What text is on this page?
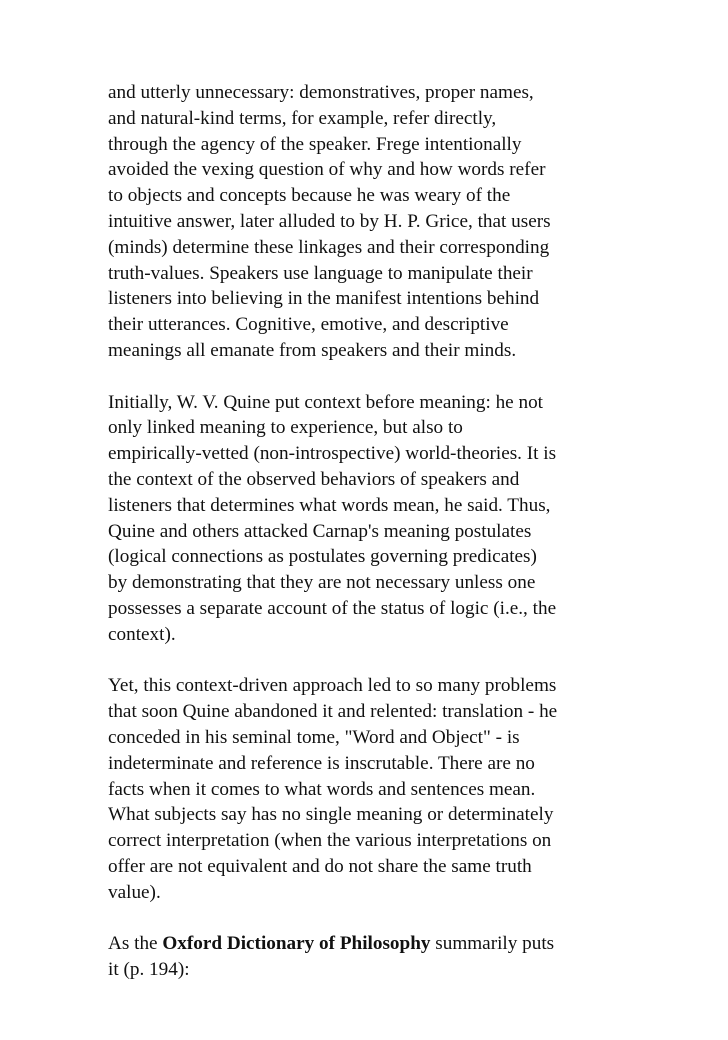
and utterly unnecessary: demonstratives, proper names,
and natural-kind terms, for example, refer directly,
through the agency of the speaker. Frege intentionally
avoided the vexing question of why and how words refer
to objects and concepts because he was weary of the
intuitive answer, later alluded to by H. P. Grice, that users
(minds) determine these linkages and their corresponding
truth-values. Speakers use language to manipulate their
listeners into believing in the manifest intentions behind
their utterances. Cognitive, emotive, and descriptive
meanings all emanate from speakers and their minds.

Initially, W. V. Quine put context before meaning: he not
only linked meaning to experience, but also to
empirically-vetted (non-introspective) world-theories. It is
the context of the observed behaviors of speakers and
listeners that determines what words mean, he said. Thus,
Quine and others attacked Carnap's meaning postulates
(logical connections as postulates governing predicates)
by demonstrating that they are not necessary unless one
possesses a separate account of the status of logic (i.e., the
context).

Yet, this context-driven approach led to so many problems
that soon Quine abandoned it and relented: translation - he
conceded in his seminal tome, "Word and Object" - is
indeterminate and reference is inscrutable. There are no
facts when it comes to what words and sentences mean.
What subjects say has no single meaning or determinately
correct interpretation (when the various interpretations on
offer are not equivalent and do not share the same truth
value).

As the Oxford Dictionary of Philosophy summarily puts
it (p. 194):
